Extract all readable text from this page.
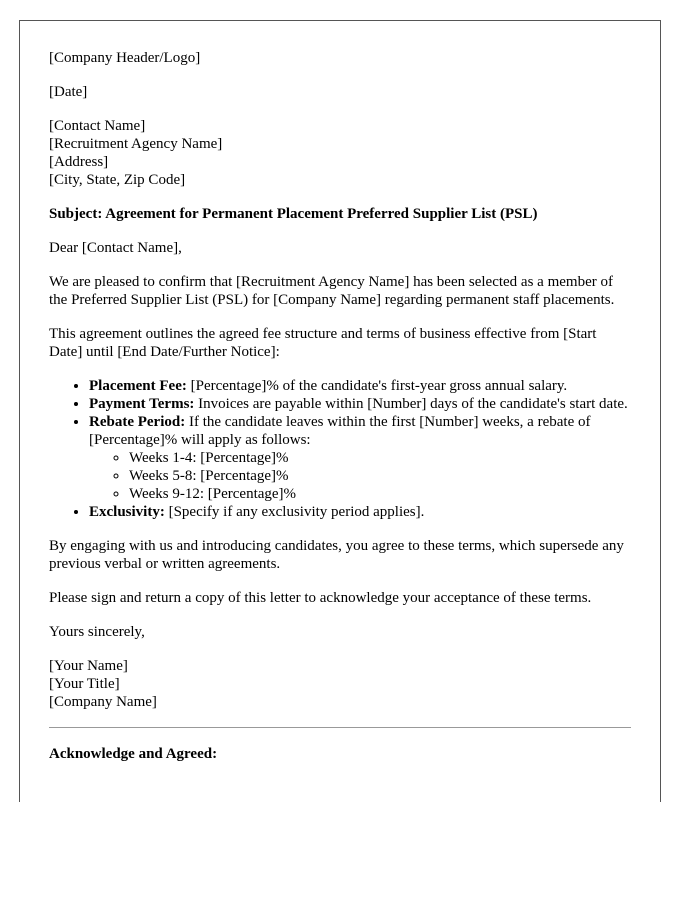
[Company Header/Logo]
[Date]
[Contact Name]
[Recruitment Agency Name]
[Address]
[City, State, Zip Code]

Subject: Agreement for Permanent Placement Preferred Supplier List (PSL)

Dear [Contact Name],

We are pleased to confirm that [Recruitment Agency Name] has been selected as a member of the Preferred Supplier List (PSL) for [Company Name] regarding permanent staff placements.

This agreement outlines the agreed fee structure and terms of business effective from [Start Date] until [End Date/Further Notice]:

• Placement Fee: [Percentage]% of the candidate's first-year gross annual salary.
• Payment Terms: Invoices are payable within [Number] days of the candidate's start date.
• Rebate Period: If the candidate leaves within the first [Number] weeks, a rebate of [Percentage]% will apply as follows:
◦ Weeks 1-4: [Percentage]%
◦ Weeks 5-8: [Percentage]%
◦ Weeks 9-12: [Percentage]%
• Exclusivity: [Specify if any exclusivity period applies].

By engaging with us and introducing candidates, you agree to these terms, which supersede any previous verbal or written agreements.

Please sign and return a copy of this letter to acknowledge your acceptance of these terms.

Yours sincerely,

[Your Name]
[Your Title]
[Company Name]

Acknowledge and Agreed:
